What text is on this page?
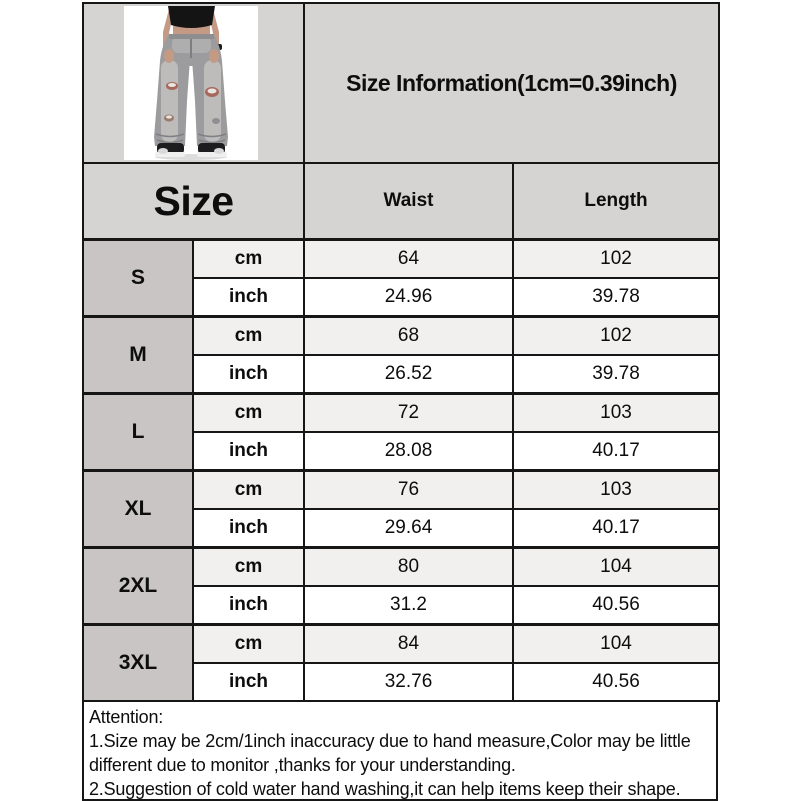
	Size Information(1cm=0.39inch)	
Size		Waist	Length
S	cm	64	102
	inch	24.96	39.78
M	cm	68	102
	inch	26.52	39.78
L	cm	72	103
	inch	28.08	40.17
XL	cm	76	103
	inch	29.64	40.17
2XL	cm	80	104
	inch	31.2	40.56
3XL	cm	84	104
	inch	32.76	40.56
Attention:
1.Size may be 2cm/1inch inaccuracy due to hand measure,Color may be little
different due to monitor ,thanks for your understanding.
2.Suggestion of cold water hand washing,it can help items keep their shape.
